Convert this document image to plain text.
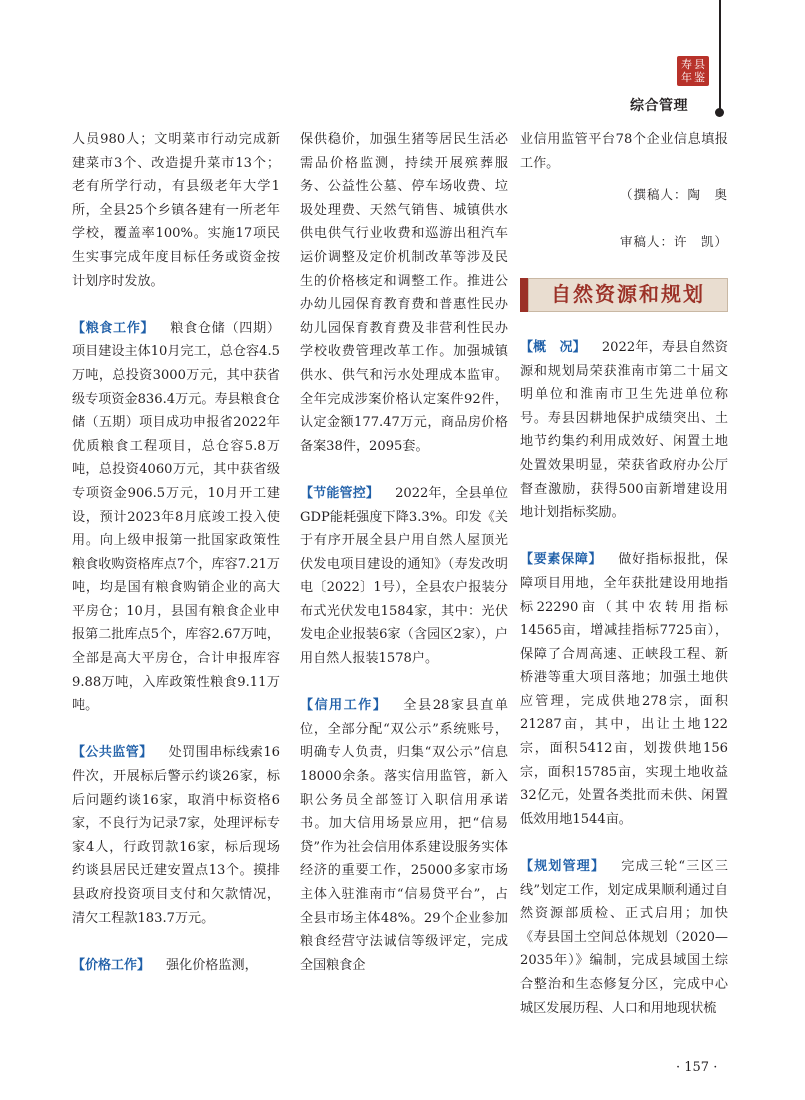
寿 县
年 鉴
综合管理

人员980人；文明菜市行动完成新建菜市3个、改造提升菜市13个；老有所学行动，有县级老年大学1所，全县25个乡镇各建有一所老年学校，覆盖率100%。实施17项民生实事完成年度目标任务或资金按计划序时发放。

【粮食工作】 粮食仓储（四期）项目建设主体10月完工，总仓容4.5万吨，总投资3000万元，其中获省级专项资金836.4万元。寿县粮食仓储（五期）项目成功申报省2022年优质粮食工程项目，总仓容5.8万吨，总投资4060万元，其中获省级专项资金906.5万元，10月开工建设，预计2023年8月底竣工投入使用。向上级申报第一批国家政策性粮食收购资格库点7个，库容7.21万吨，均是国有粮食购销企业的高大平房仓；10月，县国有粮食企业申报第二批库点5个，库容2.67万吨，全部是高大平房仓，合计申报库容9.88万吨，入库政策性粮食9.11万吨。

【公共监管】 处罚围串标线索16件次，开展标后警示约谈26家，标后问题约谈16家，取消中标资格6家，不良行为记录7家，处理评标专家4人，行政罚款16家，标后现场约谈县居民迁建安置点13个。摸排县政府投资项目支付和欠款情况，清欠工程款183.7万元。

【价格工作】 强化价格监测，

保供稳价，加强生猪等居民生活必需品价格监测，持续开展殡葬服务、公益性公墓、停车场收费、垃圾处理费、天然气销售、城镇供水供电供气行业收费和巡游出租汽车运价调整及定价机制改革等涉及民生的价格核定和调整工作。推进公办幼儿园保育教育费和普惠性民办幼儿园保育教育费及非营利性民办学校收费管理改革工作。加强城镇供水、供气和污水处理成本监审。全年完成涉案价格认定案件92件，认定金额177.47万元，商品房价格备案38件，2095套。

【节能管控】 2022年，全县单位GDP能耗强度下降3.3%。印发《关于有序开展全县户用自然人屋顶光伏发电项目建设的通知》（寿发改明电〔2022〕1号），全县农户报装分布式光伏发电1584家，其中：光伏发电企业报装6家（含园区2家），户用自然人报装1578户。

【信用工作】 全县28家县直单位，全部分配“双公示”系统账号，明确专人负责，归集“双公示”信息18000余条。落实信用监管，新入职公务员全部签订入职信用承诺书。加大信用场景应用，把“信易贷”作为社会信用体系建设服务实体经济的重要工作，25000多家市场主体入驻淮南市“信易贷平台”，占全县市场主体48%。29个企业参加粮食经营守法诚信等级评定，完成全国粮食企

业信用监管平台78个企业信息填报工作。

（撰稿人：陶　奥

审稿人：许　凯）

自然资源和规划

【概　况】 2022年，寿县自然资源和规划局荣获淮南市第二十届文明单位和淮南市卫生先进单位称号。寿县因耕地保护成绩突出、土地节约集约利用成效好、闲置土地处置效果明显，荣获省政府办公厅督查激励，获得500亩新增建设用地计划指标奖励。

【要素保障】 做好指标报批，保障项目用地，全年获批建设用地指标22290亩（其中农转用指标14565亩，增减挂指标7725亩），保障了合周高速、正峡段工程、新桥港等重大项目落地；加强土地供应管理，完成供地278宗，面积21287亩，其中，出让土地122宗，面积5412亩，划拨供地156宗，面积15785亩，实现土地收益32亿元，处置各类批而未供、闲置低效用地1544亩。

【规划管理】 完成三轮“三区三线”划定工作，划定成果顺利通过自然资源部质检、正式启用；加快《寿县国土空间总体规划（2020—2035年）》编制，完成县域国土综合整治和生态修复分区，完成中心城区发展历程、人口和用地现状梳

· 157 ·
